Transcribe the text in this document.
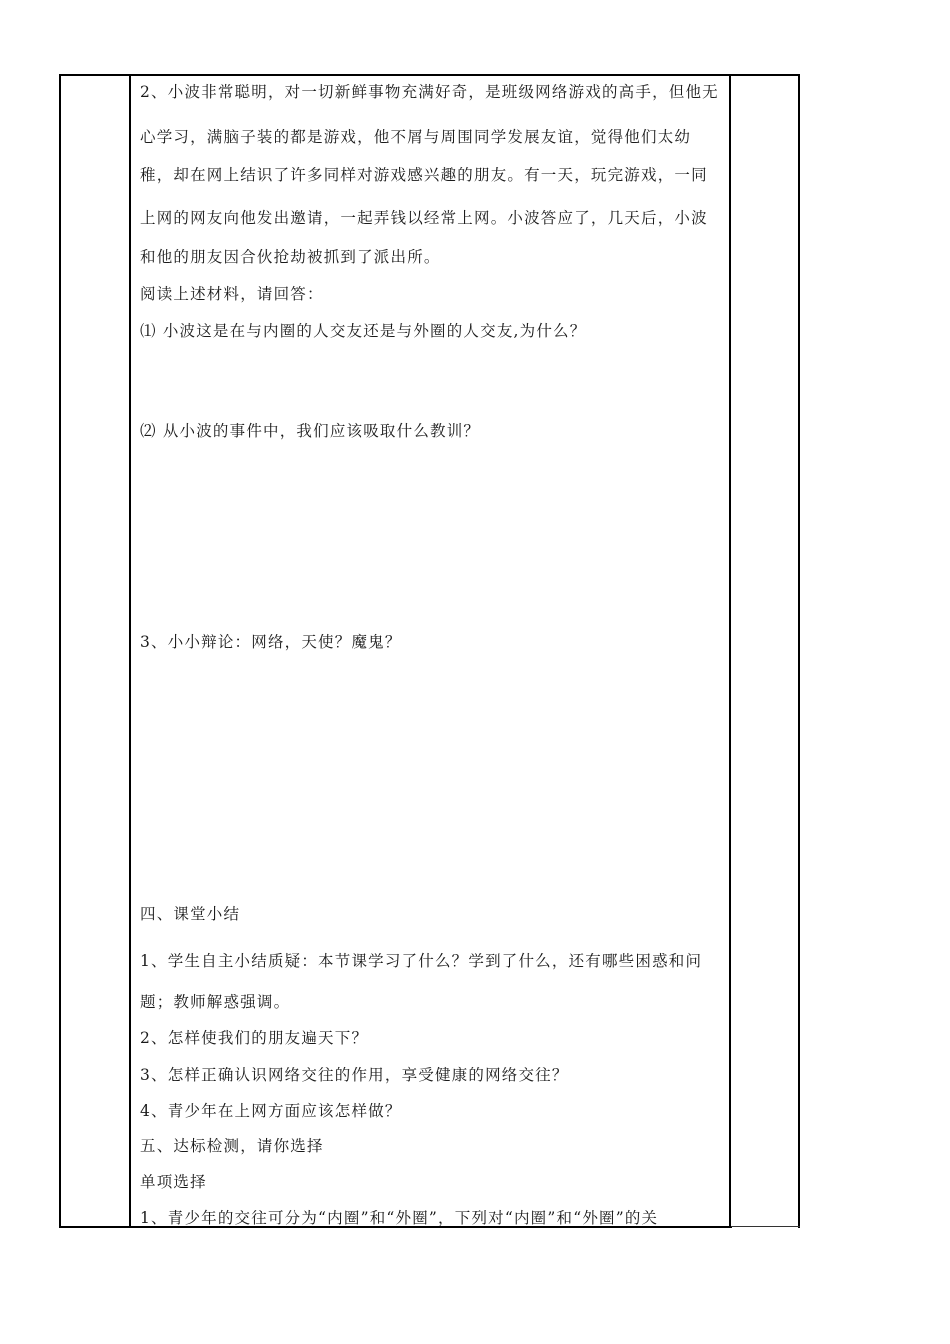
2、小波非常聪明，对一切新鲜事物充满好奇，是班级网络游戏的高手，但他无
心学习，满脑子装的都是游戏，他不屑与周围同学发展友谊，觉得他们太幼
稚，却在网上结识了许多同样对游戏感兴趣的朋友。有一天，玩完游戏，一同
上网的网友向他发出邀请，一起弄钱以经常上网。小波答应了，几天后，小波
和他的朋友因合伙抢劫被抓到了派出所。
阅读上述材料，请回答：
⑴ 小波这是在与内圈的人交友还是与外圈的人交友,为什么？
⑵ 从小波的事件中，我们应该吸取什么教训？
3、小小辩论：网络，天使？魔鬼？
四、课堂小结
1、学生自主小结质疑：本节课学习了什么？学到了什么，还有哪些困惑和问
题；教师解惑强调。
2、怎样使我们的朋友遍天下？
3、怎样正确认识网络交往的作用，享受健康的网络交往？
4、青少年在上网方面应该怎样做？
五、达标检测，请你选择
单项选择
1、青少年的交往可分为“内圈”和“外圈”，下列对“内圈”和“外圈”的关
